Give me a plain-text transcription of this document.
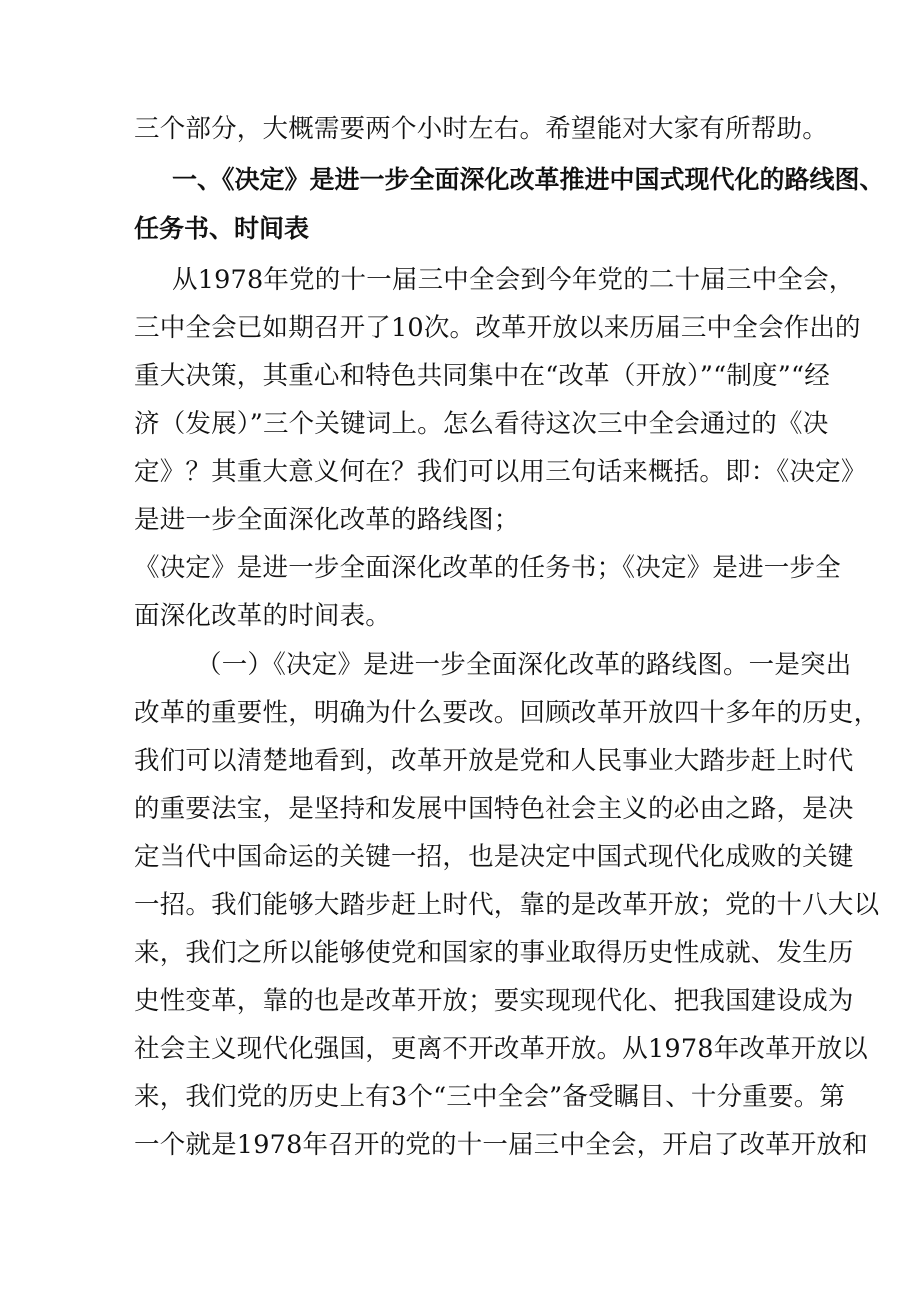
三个部分，大概需要两个小时左右。希望能对大家有所帮助。
一、《决定》是进一步全面深化改革推进中国式现代化的路线图、
任务书、时间表
从1978年党的十一届三中全会到今年党的二十届三中全会，
三中全会已如期召开了10次。改革开放以来历届三中全会作出的
重大决策，其重心和特色共同集中在“改革（开放）”“制度”“经
济（发展）”三个关键词上。怎么看待这次三中全会通过的《决
定》？其重大意义何在？我们可以用三句话来概括。即：《决定》
是进一步全面深化改革的路线图；
《决定》是进一步全面深化改革的任务书；《决定》是进一步全
面深化改革的时间表。
（一）《决定》是进一步全面深化改革的路线图。一是突出
改革的重要性，明确为什么要改。回顾改革开放四十多年的历史，
我们可以清楚地看到，改革开放是党和人民事业大踏步赶上时代
的重要法宝，是坚持和发展中国特色社会主义的必由之路，是决
定当代中国命运的关键一招，也是决定中国式现代化成败的关键
一招。我们能够大踏步赶上时代，靠的是改革开放；党的十八大以
来，我们之所以能够使党和国家的事业取得历史性成就、发生历
史性变革，靠的也是改革开放；要实现现代化、把我国建设成为
社会主义现代化强国，更离不开改革开放。从1978年改革开放以
来，我们党的历史上有3个“三中全会”备受瞩目、十分重要。第
一个就是1978年召开的党的十一届三中全会，开启了改革开放和
